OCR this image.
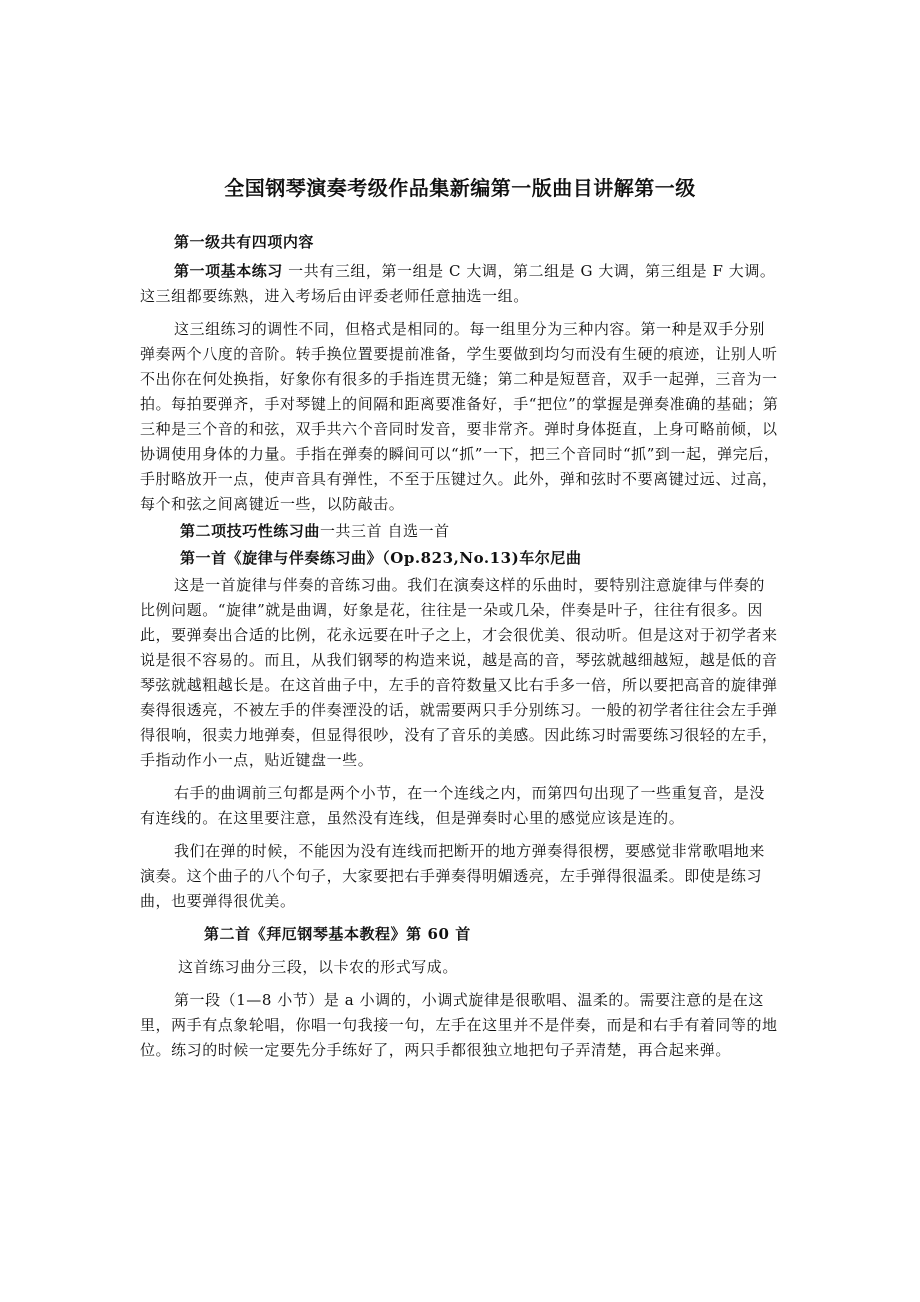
全国钢琴演奏考级作品集新编第一版曲目讲解第一级

第一级共有四项内容

第一项基本练习 一共有三组，第一组是 C 大调，第二组是 G 大调，第三组是 F 大调。这三组都要练熟，进入考场后由评委老师任意抽选一组。

这三组练习的调性不同，但格式是相同的。每一组里分为三种内容。第一种是双手分别弹奏两个八度的音阶。转手换位置要提前准备，学生要做到均匀而没有生硬的痕迹，让别人听不出你在何处换指，好象你有很多的手指连贯无缝；第二种是短琶音，双手一起弹，三音为一拍。每拍要弹齐，手对琴键上的间隔和距离要准备好，手“把位”的掌握是弹奏准确的基础；第三种是三个音的和弦，双手共六个音同时发音，要非常齐。弹时身体挺直，上身可略前倾，以协调使用身体的力量。手指在弹奏的瞬间可以“抓”一下，把三个音同时“抓”到一起，弹完后，手肘略放开一点，使声音具有弹性，不至于压键过久。此外，弹和弦时不要离键过远、过高，每个和弦之间离键近一些，以防敲击。

第二项技巧性练习曲一共三首 自选一首

第一首《旋律与伴奏练习曲》（Op.823,No.13)车尔尼曲

这是一首旋律与伴奏的音练习曲。我们在演奏这样的乐曲时，要特别注意旋律与伴奏的比例问题。“旋律”就是曲调，好象是花，往往是一朵或几朵，伴奏是叶子，往往有很多。因此，要弹奏出合适的比例，花永远要在叶子之上，才会很优美、很动听。但是这对于初学者来说是很不容易的。而且，从我们钢琴的构造来说，越是高的音，琴弦就越细越短，越是低的音琴弦就越粗越长是。在这首曲子中，左手的音符数量又比右手多一倍，所以要把高音的旋律弹奏得很透亮，不被左手的伴奏湮没的话，就需要两只手分别练习。一般的初学者往往会左手弹得很响，很卖力地弹奏，但显得很吵，没有了音乐的美感。因此练习时需要练习很轻的左手，手指动作小一点，贴近键盘一些。

右手的曲调前三句都是两个小节，在一个连线之内，而第四句出现了一些重复音，是没有连线的。在这里要注意，虽然没有连线，但是弹奏时心里的感觉应该是连的。

我们在弹的时候，不能因为没有连线而把断开的地方弹奏得很楞，要感觉非常歌唱地来演奏。这个曲子的八个句子，大家要把右手弹奏得明媚透亮，左手弹得很温柔。即使是练习曲，也要弹得很优美。

第二首《拜厄钢琴基本教程》第 60 首

这首练习曲分三段，以卡农的形式写成。

第一段（1—8 小节）是 a 小调的，小调式旋律是很歌唱、温柔的。需要注意的是在这里，两手有点象轮唱，你唱一句我接一句，左手在这里并不是伴奏，而是和右手有着同等的地位。练习的时候一定要先分手练好了，两只手都很独立地把句子弄清楚，再合起来弹。
